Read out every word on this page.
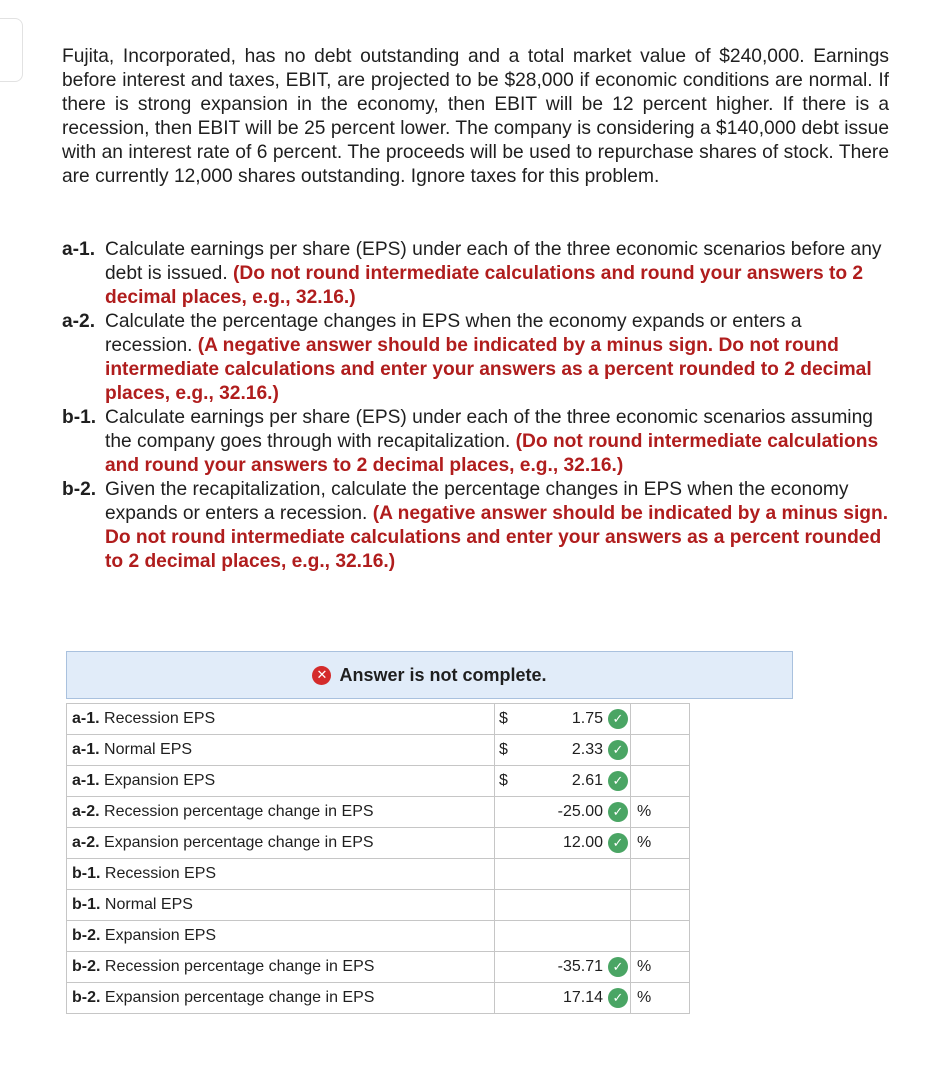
Fujita, Incorporated, has no debt outstanding and a total market value of $240,000. Earnings before interest and taxes, EBIT, are projected to be $28,000 if economic conditions are normal. If there is strong expansion in the economy, then EBIT will be 12 percent higher. If there is a recession, then EBIT will be 25 percent lower. The company is considering a $140,000 debt issue with an interest rate of 6 percent. The proceeds will be used to repurchase shares of stock. There are currently 12,000 shares outstanding. Ignore taxes for this problem.

a-1. Calculate earnings per share (EPS) under each of the three economic scenarios before any debt is issued. (Do not round intermediate calculations and round your answers to 2 decimal places, e.g., 32.16.)
a-2. Calculate the percentage changes in EPS when the economy expands or enters a recession. (A negative answer should be indicated by a minus sign. Do not round intermediate calculations and enter your answers as a percent rounded to 2 decimal places, e.g., 32.16.)
b-1. Calculate earnings per share (EPS) under each of the three economic scenarios assuming the company goes through with recapitalization. (Do not round intermediate calculations and round your answers to 2 decimal places, e.g., 32.16.)
b-2. Given the recapitalization, calculate the percentage changes in EPS when the economy expands or enters a recession. (A negative answer should be indicated by a minus sign. Do not round intermediate calculations and enter your answers as a percent rounded to 2 decimal places, e.g., 32.16.)
✕ Answer is not complete.
a-1. Recession EPS	$	1.75 ✓	
a-1. Normal EPS	$	2.33 ✓	
a-1. Expansion EPS	$	2.61 ✓	
a-2. Recession percentage change in EPS	-25.00 ✓		%
a-2. Expansion percentage change in EPS	12.00 ✓		%
b-1. Recession EPS			
b-1. Normal EPS			
b-2. Expansion EPS			
b-2. Recession percentage change in EPS	-35.71 ✓		%
b-2. Expansion percentage change in EPS	17.14 ✓		%
